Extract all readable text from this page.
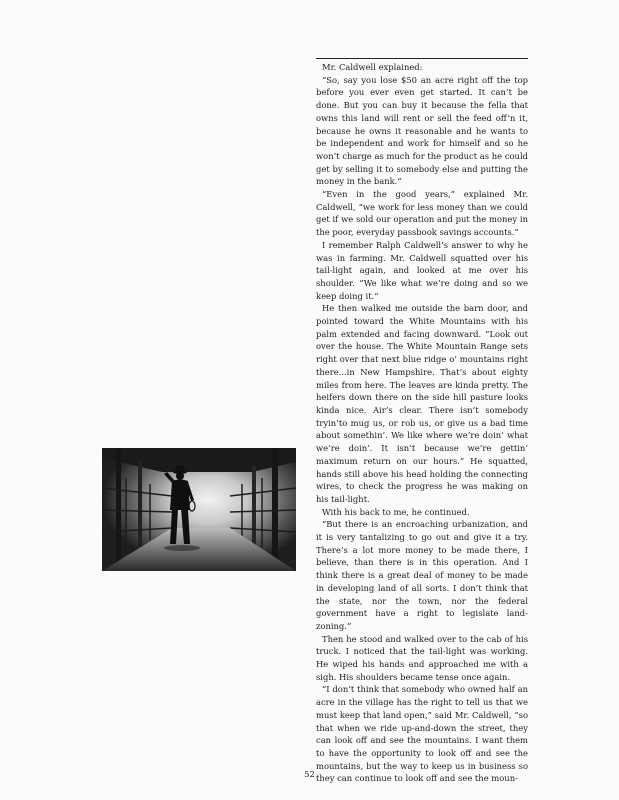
Mr. Caldwell explained:

“So, say you lose $50 an acre right off the top before you ever even get started. It can’t be done. But you can buy it because the fella that owns this land will rent or sell the feed off’n it, because he owns it reasonable and he wants to be independent and work for himself and so he won’t charge as much for the product as he could get by selling it to somebody else and putting the money in the bank.”

“Even in the good years,” explained Mr. Caldwell, “we work for less money than we could get if we sold our operation and put the money in the poor, everyday passbook savings accounts.”

I remember Ralph Caldwell’s answer to why he was in farming. Mr. Caldwell squatted over his tail-light again, and looked at me over his shoulder. “We like what we’re doing and so we keep doing it.”

He then walked me outside the barn door, and pointed toward the White Mountains with his palm extended and facing downward. “Look out over the house. The White Mountain Range sets right over that next blue ridge o’ mountains right there...in New Hampshire. That’s about eighty miles from here. The leaves are kinda pretty. The heifers down there on the side hill pasture looks kinda nice. Air’s clear. There isn’t somebody tryin’to mug us, or rob us, or give us a bad time about somethin’. We like where we’re doin’ what we’re doin’. It isn’t because we’re gettin’ maximum return on our hours.” He squatted, hands still above his head holding the connecting wires, to check the progress he was making on his tail-light.

With his back to me, he continued.

“But there is an encroaching urbanization, and it is very tantalizing to go out and give it a try. There’s a lot more money to be made there, I believe, than there is in this operation. And I think there is a great deal of money to be made in developing land of all sorts. I don’t think that the state, nor the town, nor the federal government have a right to legislate land-zoning.”

Then he stood and walked over to the cab of his truck. I noticed that the tail-light was working. He wiped his hands and approached me with a sigh. His shoulders became tense once again.

“I don’t think that somebody who owned half an acre in the village has the right to tell us that we must keep that land open,” said Mr. Caldwell, “so that when we ride up-and-down the street, they can look off and see the mountains. I want them to have the opportunity to look off and see the mountains, but the way to keep us in business so they can continue to look off and see the moun-

52
